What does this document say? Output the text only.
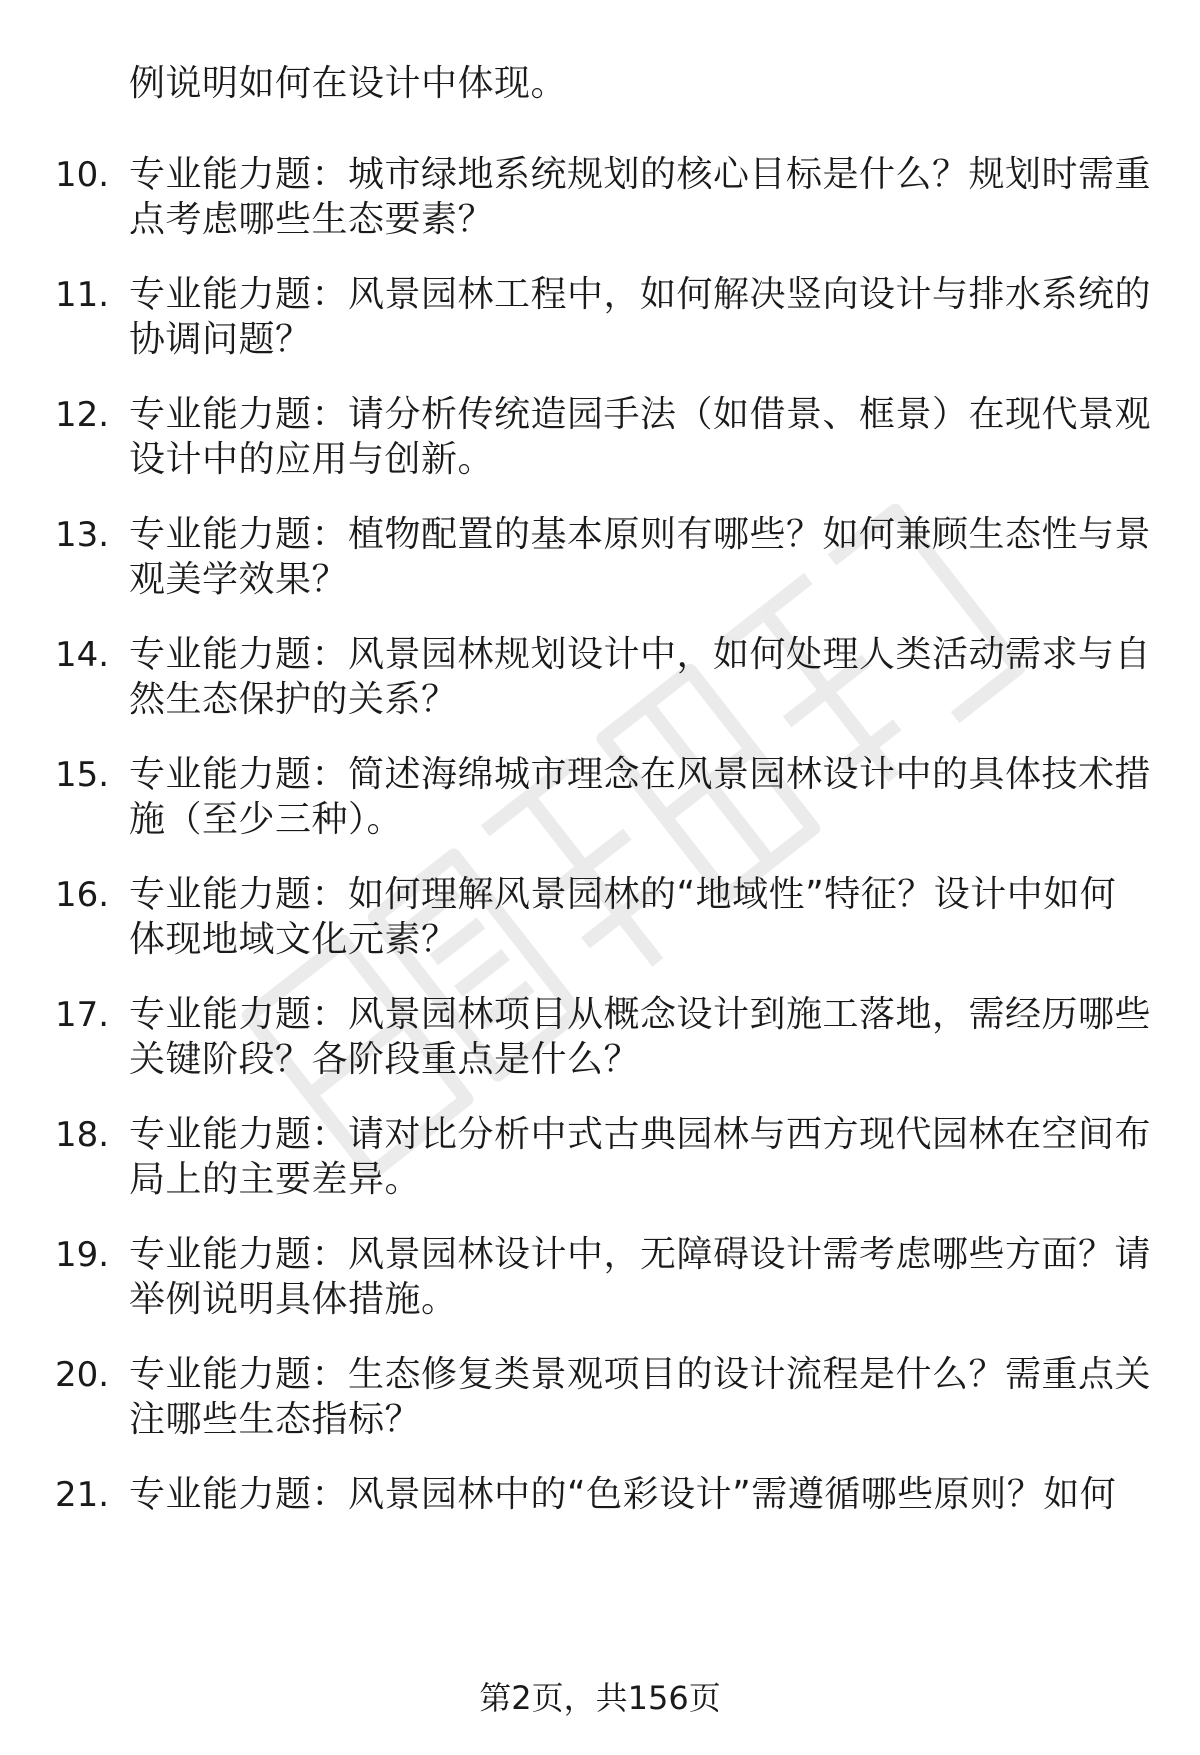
例说明如何在设计中体现。
10. 专业能力题：城市绿地系统规划的核心目标是什么？规划时需重
点考虑哪些生态要素？
11. 专业能力题：风景园林工程中，如何解决竖向设计与排水系统的
协调问题？
12. 专业能力题：请分析传统造园手法（如借景、框景）在现代景观
设计中的应用与创新。
13. 专业能力题：植物配置的基本原则有哪些？如何兼顾生态性与景
观美学效果？
14. 专业能力题：风景园林规划设计中，如何处理人类活动需求与自
然生态保护的关系？
15. 专业能力题：简述海绵城市理念在风景园林设计中的具体技术措
施（至少三种）。
16. 专业能力题：如何理解风景园林的“地域性”特征？设计中如何
体现地域文化元素？
17. 专业能力题：风景园林项目从概念设计到施工落地，需经历哪些
关键阶段？各阶段重点是什么？
18. 专业能力题：请对比分析中式古典园林与西方现代园林在空间布
局上的主要差异。
19. 专业能力题：风景园林设计中，无障碍设计需考虑哪些方面？请
举例说明具体措施。
20. 专业能力题：生态修复类景观项目的设计流程是什么？需重点关
注哪些生态指标？
21. 专业能力题：风景园林中的“色彩设计”需遵循哪些原则？如何
第2页，共156页
